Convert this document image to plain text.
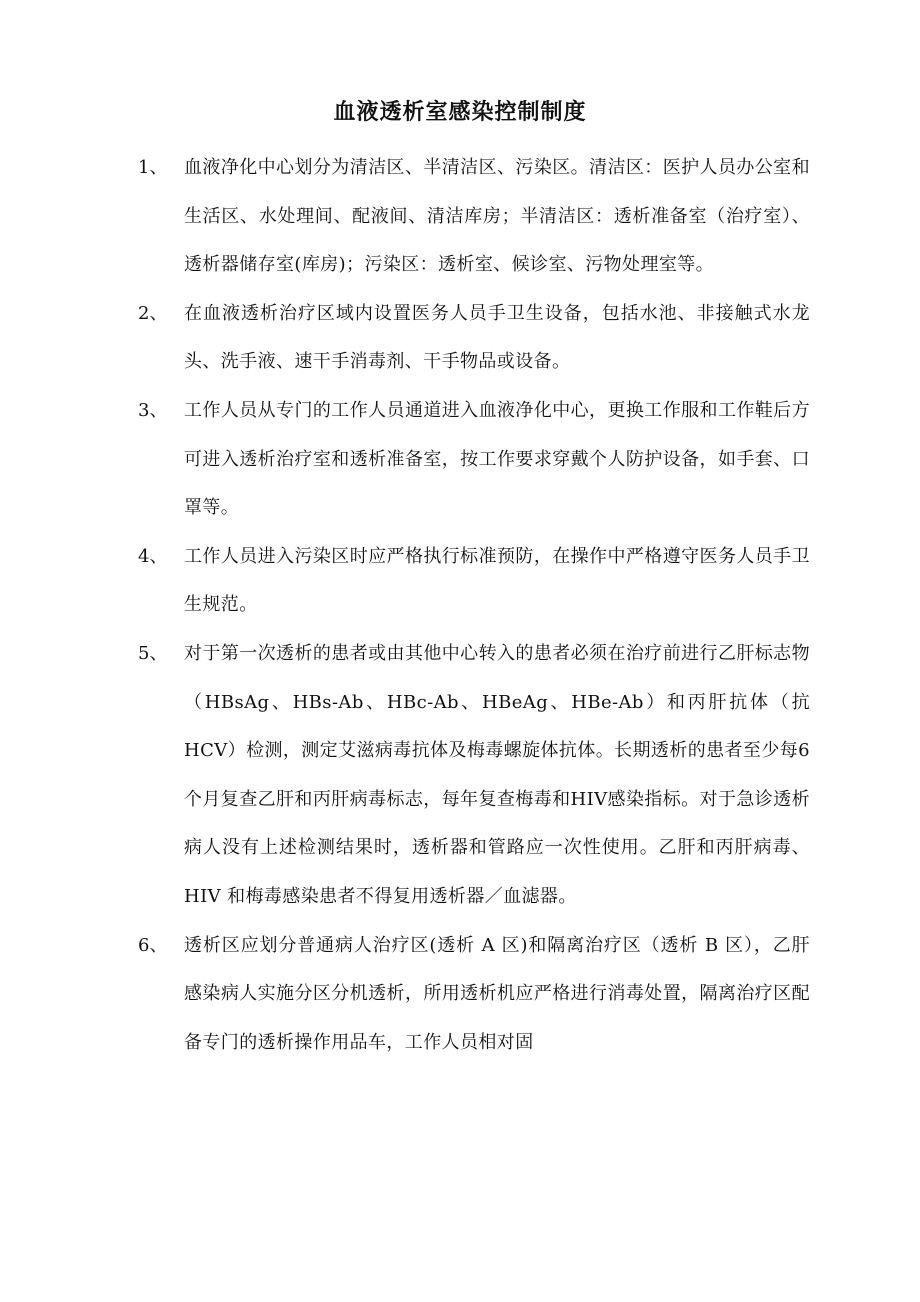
血液透析室感染控制制度
1、 血液净化中心划分为清洁区、半清洁区、污染区。清洁区：医护人员办公室和生活区、水处理间、配液间、清洁库房；半清洁区：透析准备室（治疗室）、透析器储存室(库房)；污染区：透析室、候诊室、污物处理室等。
2、 在血液透析治疗区域内设置医务人员手卫生设备，包括水池、非接触式水龙头、洗手液、速干手消毒剂、干手物品或设备。
3、 工作人员从专门的工作人员通道进入血液净化中心，更换工作服和工作鞋后方可进入透析治疗室和透析准备室，按工作要求穿戴个人防护设备，如手套、口罩等。
4、 工作人员进入污染区时应严格执行标准预防，在操作中严格遵守医务人员手卫生规范。
5、 对于第一次透析的患者或由其他中心转入的患者必须在治疗前进行乙肝标志物（HBsAg、HBs-Ab、HBc-Ab、HBeAg、HBe-Ab）和丙肝抗体（抗HCV）检测，测定艾滋病毒抗体及梅毒螺旋体抗体。长期透析的患者至少每6 个月复查乙肝和丙肝病毒标志，每年复查梅毒和HIV感染指标。对于急诊透析病人没有上述检测结果时，透析器和管路应一次性使用。乙肝和丙肝病毒、HIV 和梅毒感染患者不得复用透析器／血滤器。
6、 透析区应划分普通病人治疗区(透析 A 区)和隔离治疗区（透析 B 区），乙肝感染病人实施分区分机透析，所用透析机应严格进行消毒处置，隔离治疗区配备专门的透析操作用品车，工作人员相对固
